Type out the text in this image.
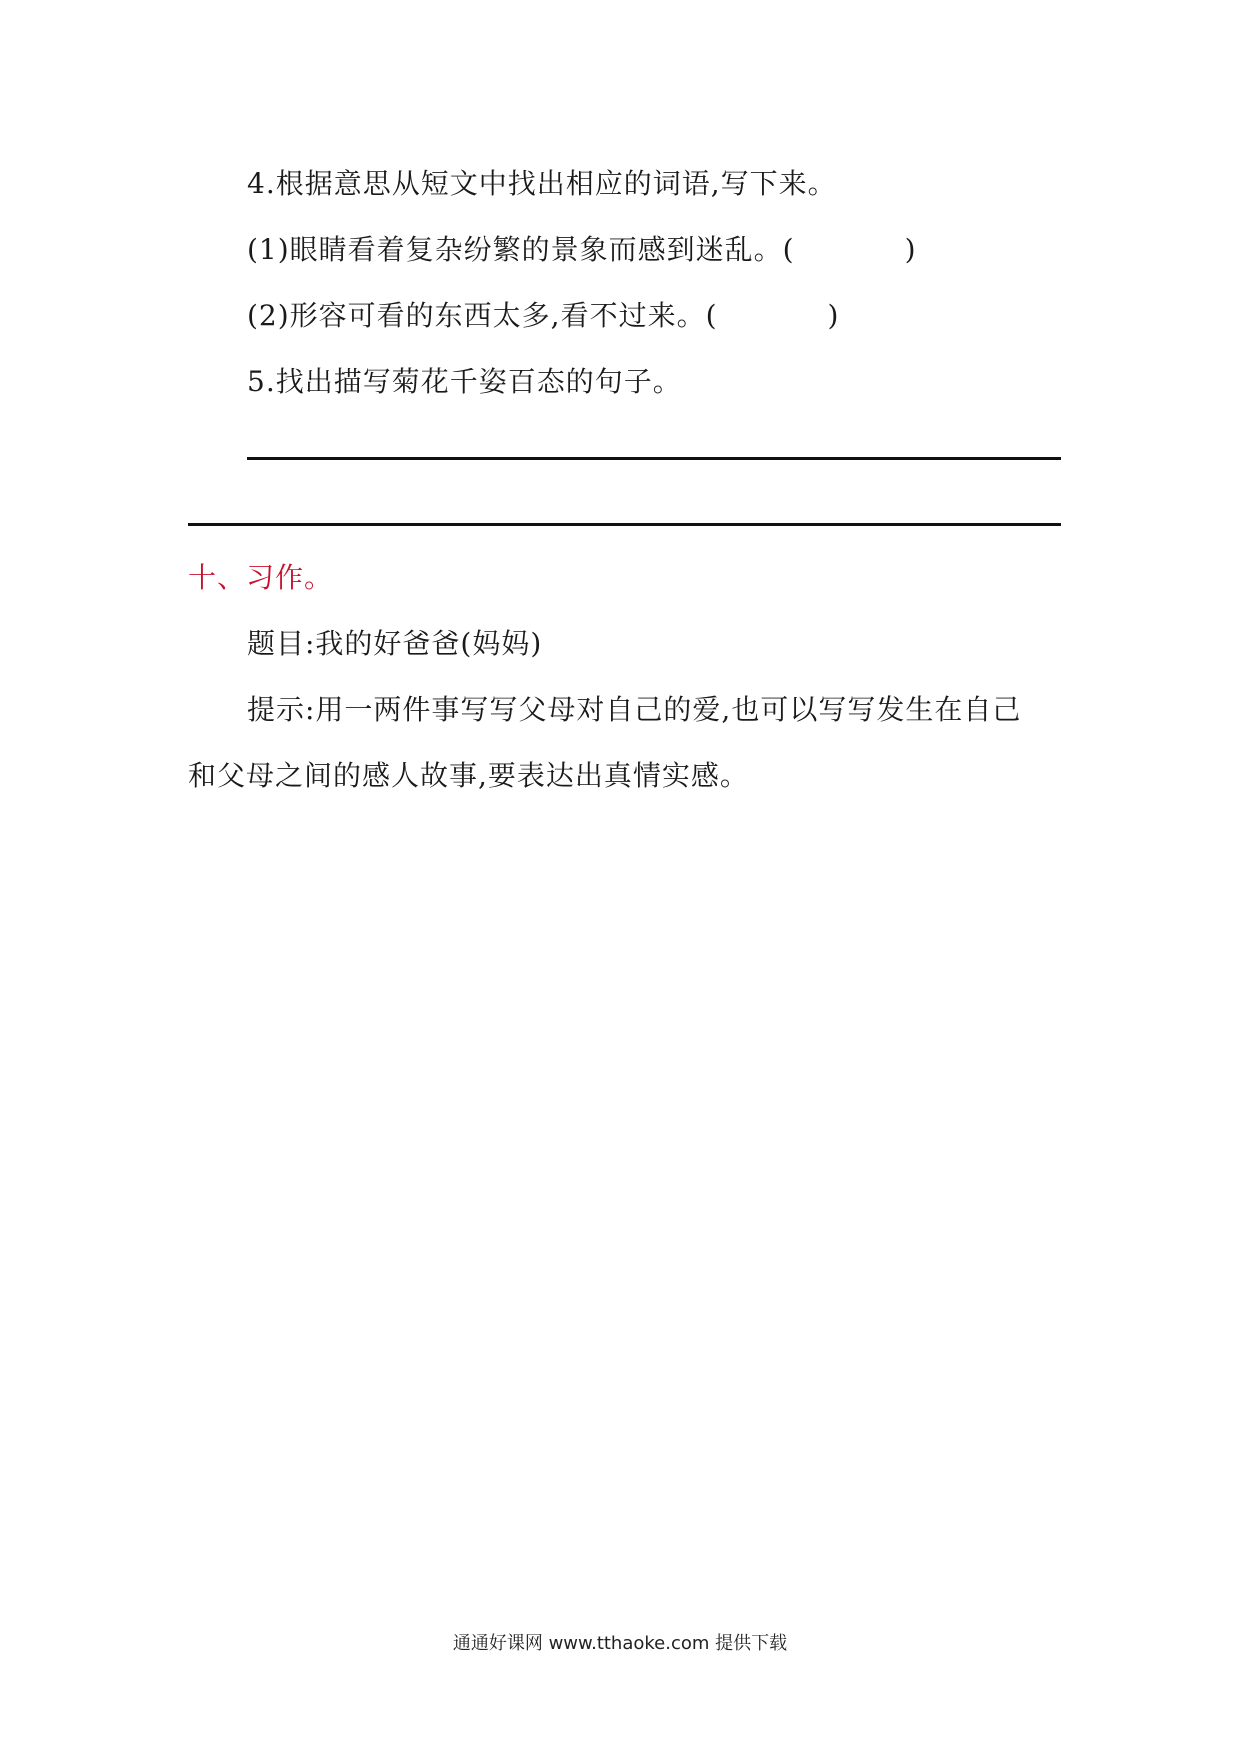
4.根据意思从短文中找出相应的词语,写下来。
(1)眼睛看着复杂纷繁的景象而感到迷乱。(	)
(2)形容可看的东西太多,看不过来。(	)
5.找出描写菊花千姿百态的句子。
十、习作。
题目:我的好爸爸(妈妈)
提示:用一两件事写写父母对自己的爱,也可以写写发生在自己
和父母之间的感人故事,要表达出真情实感。
通通好课网 www.tthaoke.com 提供下载
